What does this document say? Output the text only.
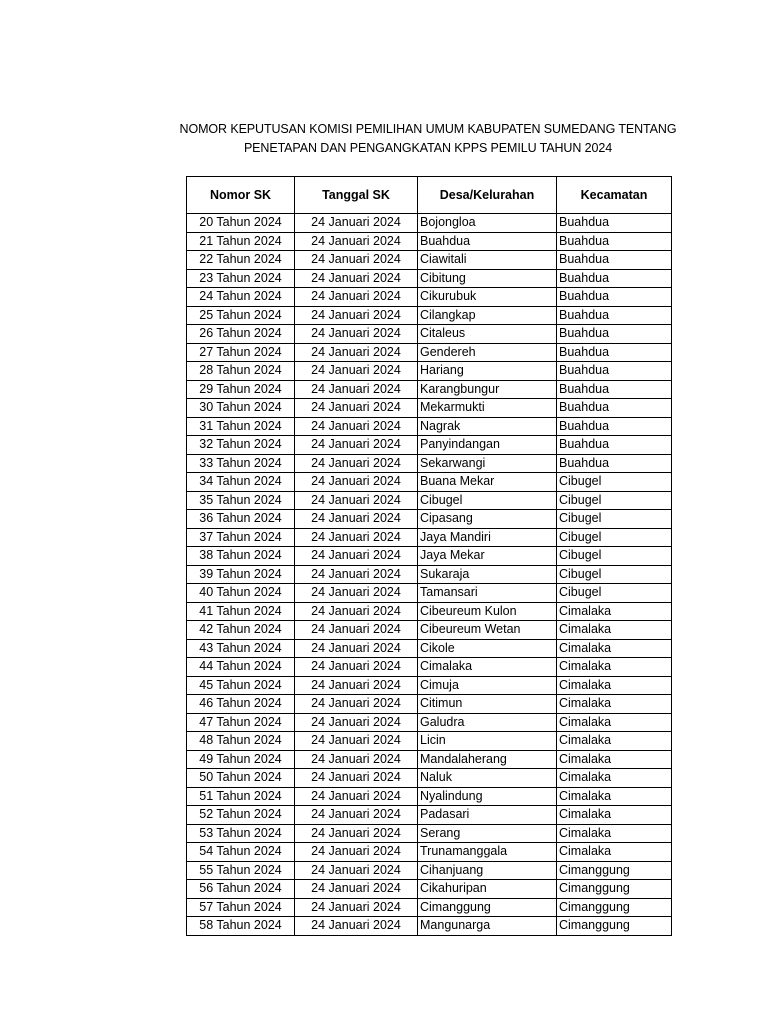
NOMOR KEPUTUSAN KOMISI PEMILIHAN UMUM KABUPATEN SUMEDANG TENTANG
PENETAPAN DAN PENGANGKATAN KPPS PEMILU TAHUN 2024
Nomor SK	Tanggal SK	Desa/Kelurahan	Kecamatan
20 Tahun 2024	24 Januari 2024	Bojongloa	Buahdua
21 Tahun 2024	24 Januari 2024	Buahdua	Buahdua
22 Tahun 2024	24 Januari 2024	Ciawitali	Buahdua
23 Tahun 2024	24 Januari 2024	Cibitung	Buahdua
24 Tahun 2024	24 Januari 2024	Cikurubuk	Buahdua
25 Tahun 2024	24 Januari 2024	Cilangkap	Buahdua
26 Tahun 2024	24 Januari 2024	Citaleus	Buahdua
27 Tahun 2024	24 Januari 2024	Gendereh	Buahdua
28 Tahun 2024	24 Januari 2024	Hariang	Buahdua
29 Tahun 2024	24 Januari 2024	Karangbungur	Buahdua
30 Tahun 2024	24 Januari 2024	Mekarmukti	Buahdua
31 Tahun 2024	24 Januari 2024	Nagrak	Buahdua
32 Tahun 2024	24 Januari 2024	Panyindangan	Buahdua
33 Tahun 2024	24 Januari 2024	Sekarwangi	Buahdua
34 Tahun 2024	24 Januari 2024	Buana Mekar	Cibugel
35 Tahun 2024	24 Januari 2024	Cibugel	Cibugel
36 Tahun 2024	24 Januari 2024	Cipasang	Cibugel
37 Tahun 2024	24 Januari 2024	Jaya Mandiri	Cibugel
38 Tahun 2024	24 Januari 2024	Jaya Mekar	Cibugel
39 Tahun 2024	24 Januari 2024	Sukaraja	Cibugel
40 Tahun 2024	24 Januari 2024	Tamansari	Cibugel
41 Tahun 2024	24 Januari 2024	Cibeureum Kulon	Cimalaka
42 Tahun 2024	24 Januari 2024	Cibeureum Wetan	Cimalaka
43 Tahun 2024	24 Januari 2024	Cikole	Cimalaka
44 Tahun 2024	24 Januari 2024	Cimalaka	Cimalaka
45 Tahun 2024	24 Januari 2024	Cimuja	Cimalaka
46 Tahun 2024	24 Januari 2024	Citimun	Cimalaka
47 Tahun 2024	24 Januari 2024	Galudra	Cimalaka
48 Tahun 2024	24 Januari 2024	Licin	Cimalaka
49 Tahun 2024	24 Januari 2024	Mandalaherang	Cimalaka
50 Tahun 2024	24 Januari 2024	Naluk	Cimalaka
51 Tahun 2024	24 Januari 2024	Nyalindung	Cimalaka
52 Tahun 2024	24 Januari 2024	Padasari	Cimalaka
53 Tahun 2024	24 Januari 2024	Serang	Cimalaka
54 Tahun 2024	24 Januari 2024	Trunamanggala	Cimalaka
55 Tahun 2024	24 Januari 2024	Cihanjuang	Cimanggung
56 Tahun 2024	24 Januari 2024	Cikahuripan	Cimanggung
57 Tahun 2024	24 Januari 2024	Cimanggung	Cimanggung
58 Tahun 2024	24 Januari 2024	Mangunarga	Cimanggung
